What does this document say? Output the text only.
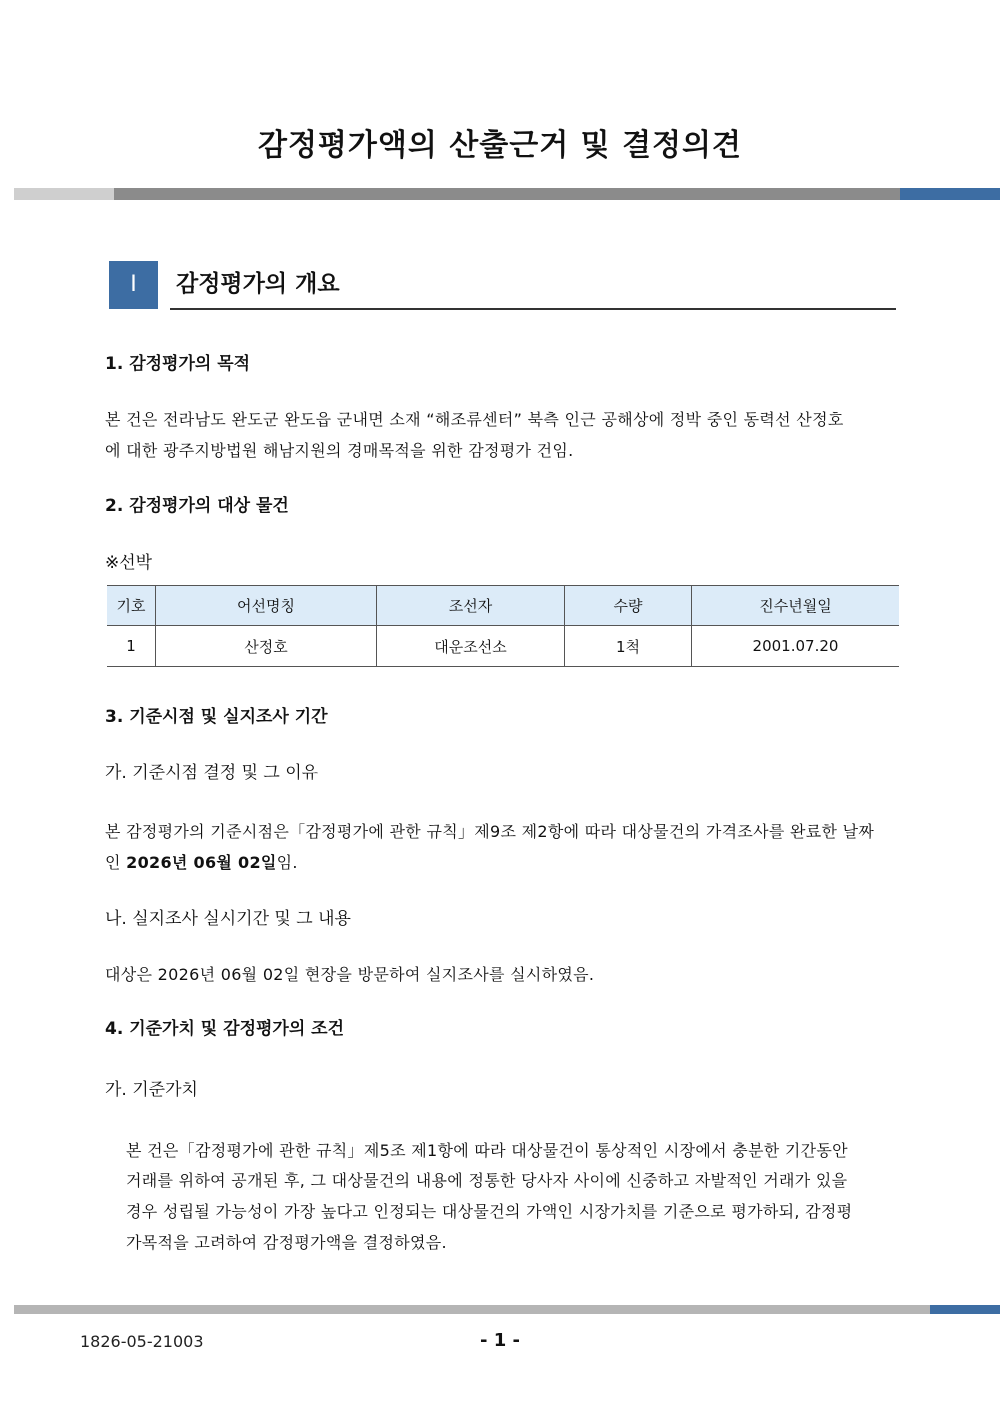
감정평가액의 산출근거 및 결정의견
I	감정평가의 개요
1. 감정평가의 목적
본 건은 전라남도 완도군 완도읍 군내면 소재 “해조류센터” 북측 인근 공해상에 정박 중인 동력선 산정호
에 대한 광주지방법원 해남지원의 경매목적을 위한 감정평가 건임.
2. 감정평가의 대상 물건
※선박
기호	어선명칭	조선자	수량	진수년월일
1	산정호	대운조선소	1척	2001.07.20
3. 기준시점 및 실지조사 기간
가. 기준시점 결정 및 그 이유
본 감정평가의 기준시점은「감정평가에 관한 규칙」제9조 제2항에 따라 대상물건의 가격조사를 완료한 날짜
인 2026년 06월 02일임.
나. 실지조사 실시기간 및 그 내용
대상은 2026년 06월 02일 현장을 방문하여 실지조사를 실시하였음.
4. 기준가치 및 감정평가의 조건
가. 기준가치
본 건은「감정평가에 관한 규칙」제5조 제1항에 따라 대상물건이 통상적인 시장에서 충분한 기간동안
거래를 위하여 공개된 후, 그 대상물건의 내용에 정통한 당사자 사이에 신중하고 자발적인 거래가 있을
경우 성립될 가능성이 가장 높다고 인정되는 대상물건의 가액인 시장가치를 기준으로 평가하되, 감정평
가목적을 고려하여 감정평가액을 결정하였음.
1826-05-21003	- 1 -
